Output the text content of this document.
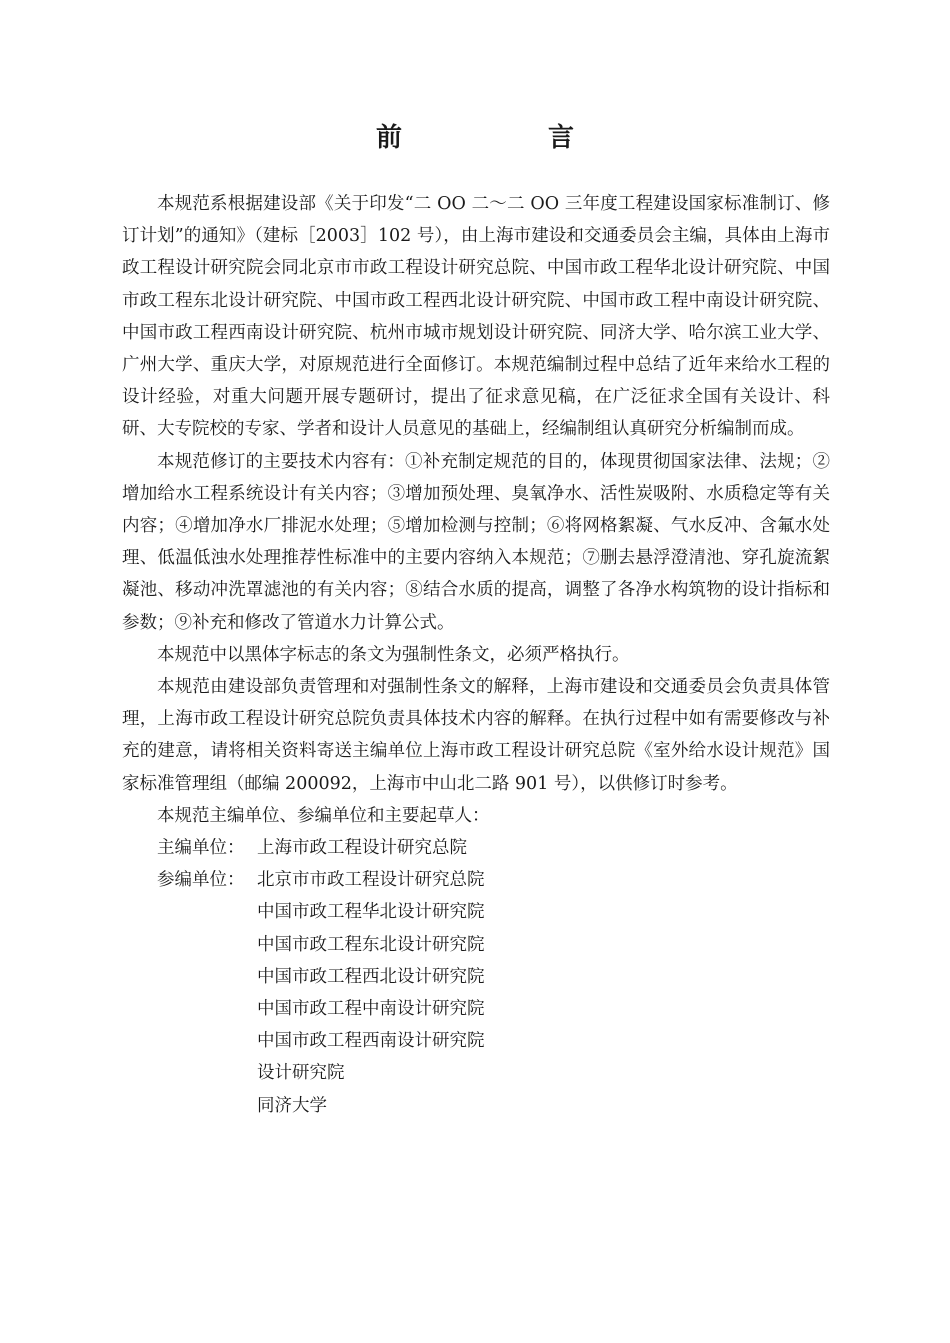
前　言

本规范系根据建设部《关于印发“二 OO 二～二 OO 三年度工程建设国家标准制订、修订计划”的通知》（建标［2003］102 号），由上海市建设和交通委员会主编，具体由上海市政工程设计研究院会同北京市市政工程设计研究总院、中国市政工程华北设计研究院、中国市政工程东北设计研究院、中国市政工程西北设计研究院、中国市政工程中南设计研究院、中国市政工程西南设计研究院、杭州市城市规划设计研究院、同济大学、哈尔滨工业大学、广州大学、重庆大学，对原规范进行全面修订。本规范编制过程中总结了近年来给水工程的设计经验，对重大问题开展专题研讨，提出了征求意见稿，在广泛征求全国有关设计、科研、大专院校的专家、学者和设计人员意见的基础上，经编制组认真研究分析编制而成。

本规范修订的主要技术内容有：①补充制定规范的目的，体现贯彻国家法律、法规；②增加给水工程系统设计有关内容；③增加预处理、臭氧净水、活性炭吸附、水质稳定等有关内容；④增加净水厂排泥水处理；⑤增加检测与控制；⑥将网格絮凝、气水反冲、含氟水处理、低温低浊水处理推荐性标准中的主要内容纳入本规范；⑦删去悬浮澄清池、穿孔旋流絮凝池、移动冲洗罩滤池的有关内容；⑧结合水质的提高，调整了各净水构筑物的设计指标和参数；⑨补充和修改了管道水力计算公式。

本规范中以黑体字标志的条文为强制性条文，必须严格执行。

本规范由建设部负责管理和对强制性条文的解释，上海市建设和交通委员会负责具体管理，上海市政工程设计研究总院负责具体技术内容的解释。在执行过程中如有需要修改与补充的建意，请将相关资料寄送主编单位上海市政工程设计研究总院《室外给水设计规范》国家标准管理组（邮编 200092，上海市中山北二路 901 号），以供修订时参考。

本规范主编单位、参编单位和主要起草人：

主编单位： 上海市政工程设计研究总院
参编单位： 北京市市政工程设计研究总院
中国市政工程华北设计研究院
中国市政工程东北设计研究院
中国市政工程西北设计研究院
中国市政工程中南设计研究院
中国市政工程西南设计研究院
设计研究院
同济大学
